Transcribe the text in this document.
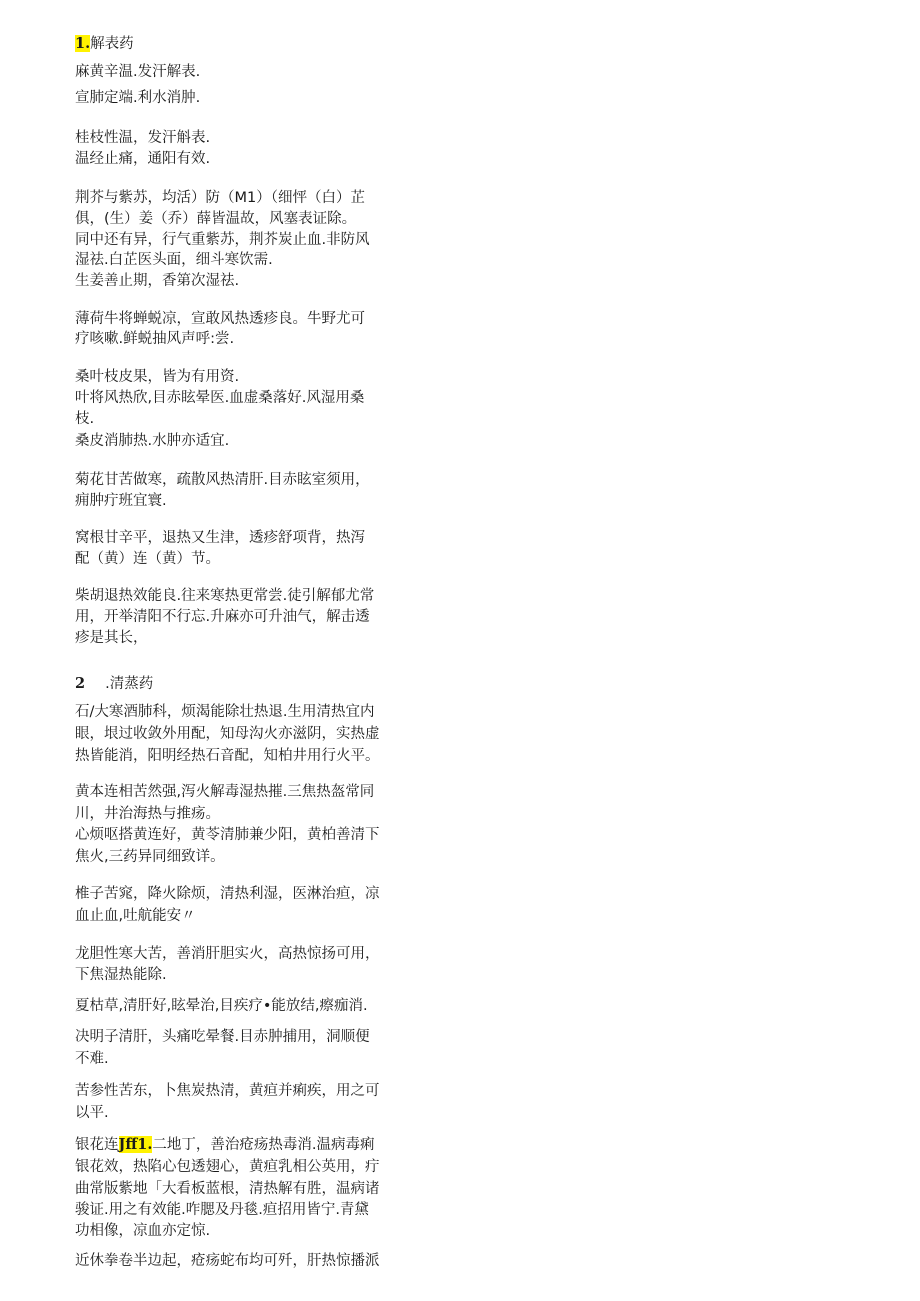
1.解表药
麻黄辛温.发汗解表.
宣肺定端.利水消肿.
桂枝性温，发汗斛表.
温经止痛，通阳有效.
荆芥与紫苏，均活）防（M1）（细怦（白）芷
俱，(生）姜（乔）薛皆温故，风塞表证除。
同中还有异，行气重紫苏，荆芥炭止血.非防风
湿祛.白芷医头面，细斗寒饮需.
生姜善止期，香第次湿祛.
薄荷牛将蝉蜕凉，宣敢风热透疹良。牛野尤可
疗咳嗽.鲜蜕抽风声呼:尝.
桑叶枝皮果，皆为有用资.
叶将风热欣,目赤眩晕医.血虚桑落好.风湿用桑
枝.
桑皮消肺热.水肿亦适宜.
菊花甘苦做寒，疏散风热清肝.目赤眩室须用，
痈肿疔班宜寰.
窝根甘辛平，退热又生津，透疹舒项背，热泻
配（黄）连（黄）节。
柴胡退热效能良.往来寒热更常尝.徒引解郁尤常
用，开举清阳不行忘.升麻亦可升油气，解击透
疹是其长，
2 .清蒸药
石/大寒酒肺科，烦渴能除壮热退.生用清热宜内
眼，垠过收敛外用配，知母沟火亦滋阴，实热虚
热皆能消，阳明经热石音配，知柏井用行火平。
黄本连相苦然强,泻火解毒湿热摧.三焦热盔常同
川，井治海热与推疡。
心烦呕搭黄连好，黄苓清肺兼少阳，黄柏善清下
焦火,三药异同细致详。
椎子苦窕，降火除烦，清热利湿，医淋治疸，凉
血止血,吐航能安〃
龙胆性寒大苦，善消肝胆实火，高热惊扬可用，
下焦湿热能除.
夏枯草,清肝好,眩晕治,目疾疗•能放结,瘵痂消.
决明子清肝，头痛吃晕餐.目赤肿捕用，洞顺便
不难.
苦参性苦东，卜焦炭热清，黄疸并痢疾，用之可
以平.
银花连Jff1.二地丁，善治疮疡热毒消.温病毒痢
银花效，热陷心包透翅心，黄疸乳相公英用，疔
曲常版紫地「大看板蓝根，清热解有胜，温病诸
骏证.用之有效能.咋腮及丹毯.疸招用皆宁.青黛
功相像，凉血亦定惊.
近休拳卷半边起，疮疡蛇布均可歼，肝热惊播派
